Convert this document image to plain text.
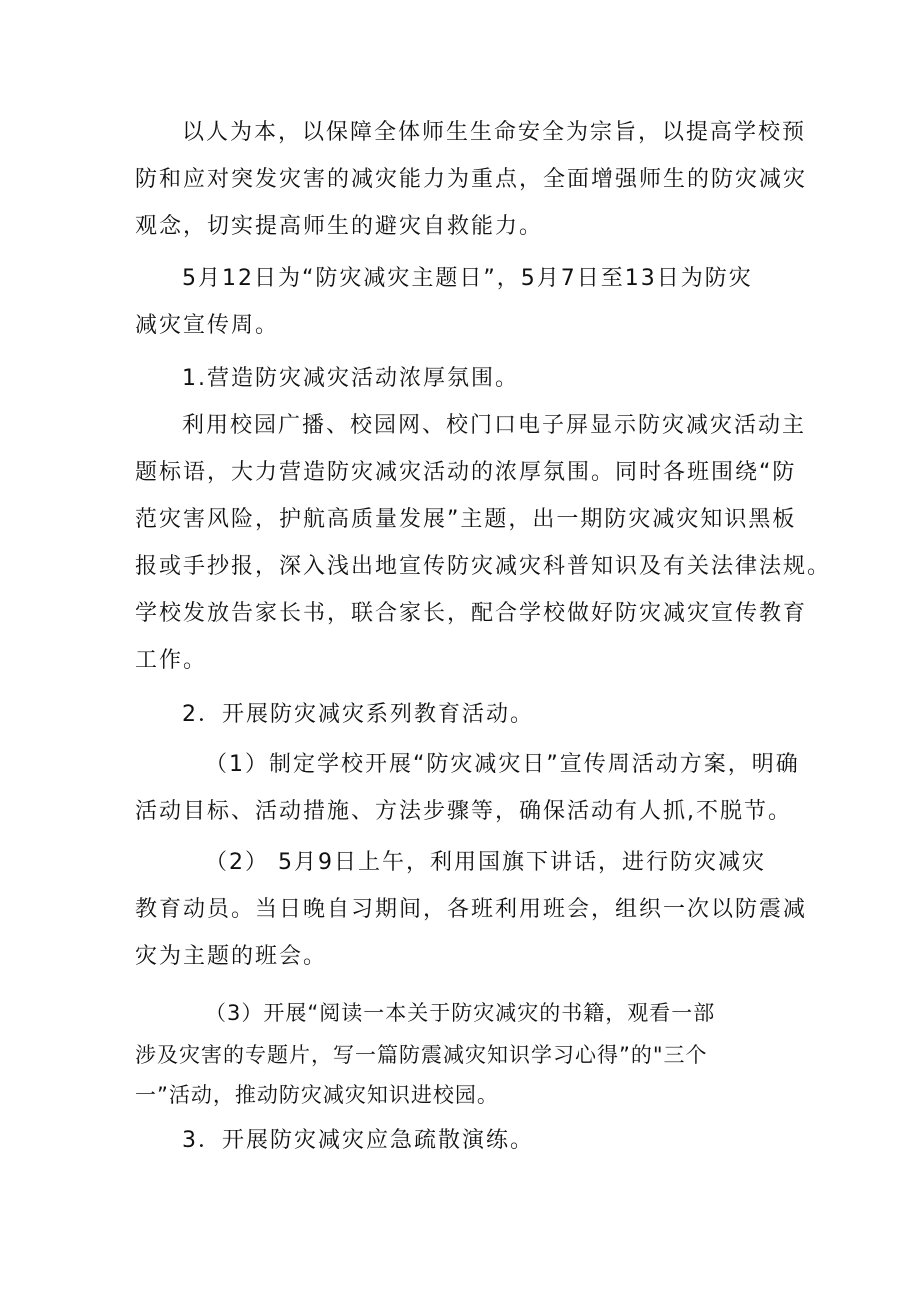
以人为本，以保障全体师生生命安全为宗旨，以提高学校预

防和应对突发灾害的减灾能力为重点，全面增强师生的防灾减灾

观念，切实提高师生的避灾自救能力。

5月12日为“防灾减灾主题日”，5月7日至13日为防灾

减灾宣传周。

1.营造防灾减灾活动浓厚氛围。

利用校园广播、校园网、校门口电子屏显示防灾减灾活动主

题标语，大力营造防灾减灾活动的浓厚氛围。同时各班围绕“防

范灾害风险，护航高质量发展”主题，出一期防灾减灾知识黑板

报或手抄报，深入浅出地宣传防灾减灾科普知识及有关法律法规。

学校发放告家长书，联合家长，配合学校做好防灾减灾宣传教育

工作。

2．开展防灾减灾系列教育活动。

（1）制定学校开展“防灾减灾日”宣传周活动方案，明确

活动目标、活动措施、方法步骤等，确保活动有人抓,不脱节。

（2） 5月9日上午，利用国旗下讲话，进行防灾减灾

教育动员。当日晚自习期间，各班利用班会，组织一次以防震减

灾为主题的班会。

（3）开展“阅读一本关于防灾减灾的书籍，观看一部

涉及灾害的专题片，写一篇防震减灾知识学习心得”的"三个

一”活动，推动防灾减灾知识进校园。

3．开展防灾减灾应急疏散演练。
